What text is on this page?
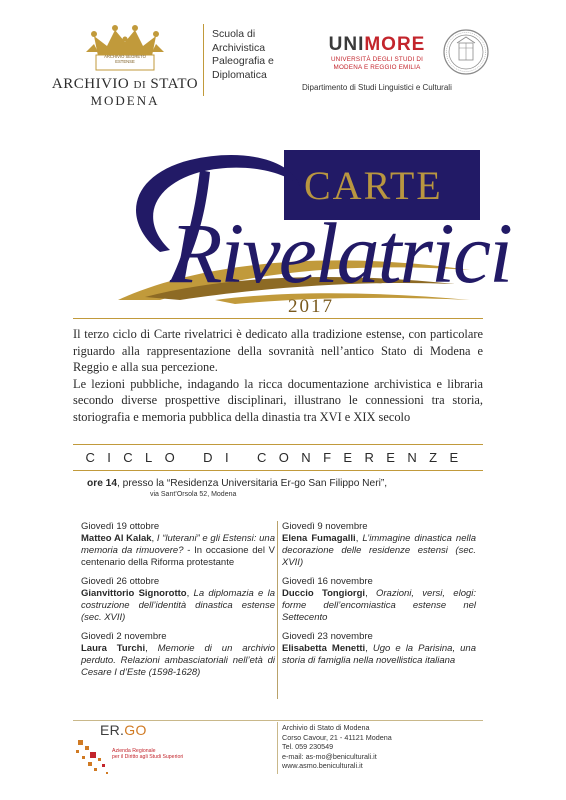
ARCHIVIO SEGRETO ESTENSE
ARCHIVIO DI STATO
MODENA
Scuola di
Archivistica
Paleografia e
Diplomatica
UNIMORE
UNIVERSITÀ DEGLI STUDI DI
MODENA E REGGIO EMILIA
Dipartimento di Studi Linguistici e Culturali
CARTE
Rivelatrici
2017

Il terzo ciclo di Carte rivelatrici è dedicato alla tradizione estense, con particolare riguardo alla rappresentazione della sovranità nell’antico Stato di Modena e Reggio e alla sua percezione.

Le lezioni pubbliche, indagando la ricca documentazione archivistica e libraria secondo diverse prospettive disciplinari, illustrano le connessioni tra storia, storiografia e memoria pubblica della dinastia tra XVI e XIX secolo

CICLO DI CONFERENZE
ore 14, presso la “Residenza Universitaria Er-go San Filippo Neri”,
via Sant’Orsola 52, Modena
Giovedì 19 ottobre
Matteo Al Kalak, I “luterani” e gli Estensi: una memoria da rimuovere? - In occasione del V centenario della Riforma protestante
Giovedì 26 ottobre
Gianvittorio Signorotto, La diplomazia e la costruzione dell’identità dinastica estense (sec. XVII)
Giovedì 2 novembre
Laura Turchi, Memorie di un archivio perduto. Relazioni ambasciatoriali nell’età di Cesare I d’Este (1598-1628)
Giovedì 9 novembre
Elena Fumagalli, L’immagine dinastica nella decorazione delle residenze estensi (sec. XVII)
Giovedì 16 novembre
Duccio Tongiorgi, Orazioni, versi, elogi: forme dell’encomiastica estense nel Settecento
Giovedì 23 novembre
Elisabetta Menetti, Ugo e la Parisina, una storia di famiglia nella novellistica italiana
ER.GO
Azienda Regionale
per il Diritto agli Studi Superiori
Archivio di Stato di Modena
Corso Cavour, 21 - 41121 Modena
Tel. 059 230549
e-mail: as-mo@beniculturali.it
www.asmo.beniculturali.it
